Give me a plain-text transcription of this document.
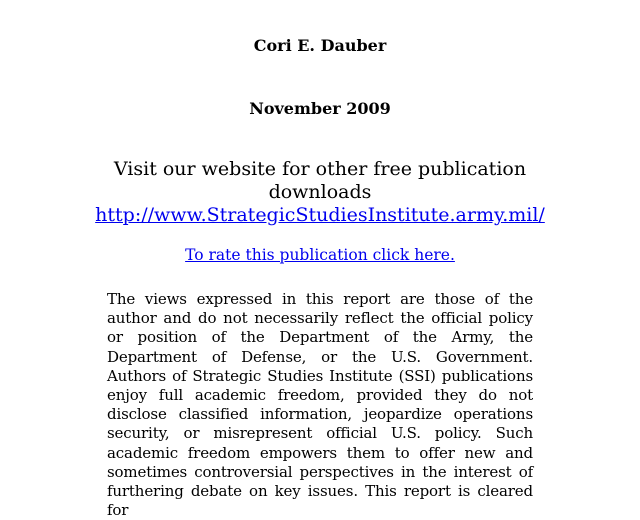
Cori E. Dauber
November 2009
Visit our website for other free publication
downloads
http://www.StrategicStudiesInstitute.army.mil/
To rate this publication click here.
The views expressed in this report are those of the author and do not necessarily reflect the official policy or position of the Department of the Army, the Department of Defense, or the U.S. Government. Authors of Strategic Studies Institute (SSI) publications enjoy full academic freedom, provided they do not disclose classified information, jeopardize operations security, or misrepresent official U.S. policy. Such academic freedom empowers them to offer new and sometimes controversial perspectives in the interest of furthering debate on key issues. This report is cleared for
